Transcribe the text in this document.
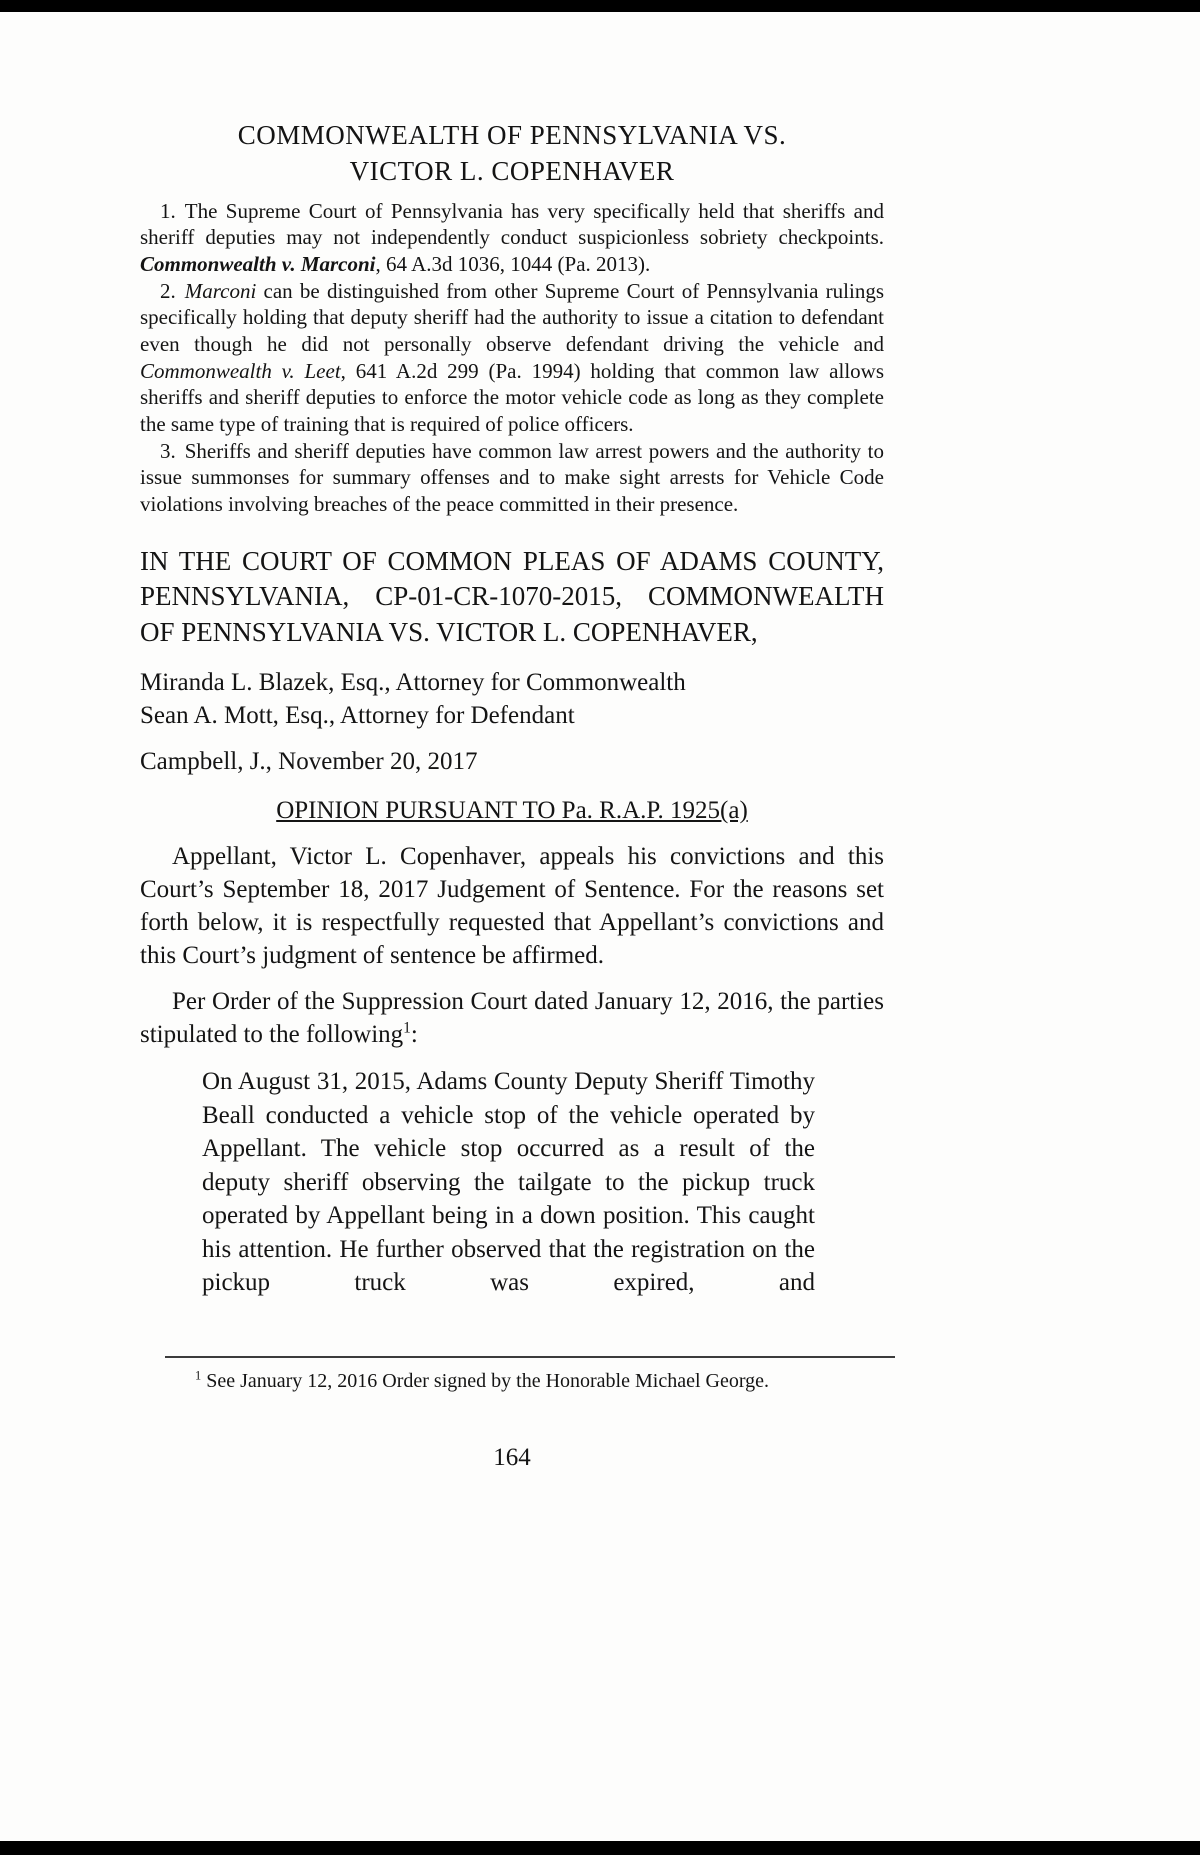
COMMONWEALTH OF PENNSYLVANIA VS.
VICTOR L. COPENHAVER

1. The Supreme Court of Pennsylvania has very specifically held that sheriffs and sheriff deputies may not independently conduct suspicionless sobriety checkpoints. Commonwealth v. Marconi, 64 A.3d 1036, 1044 (Pa. 2013).

2. Marconi can be distinguished from other Supreme Court of Pennsylvania rulings specifically holding that deputy sheriff had the authority to issue a citation to defendant even though he did not personally observe defendant driving the vehicle and Commonwealth v. Leet, 641 A.2d 299 (Pa. 1994) holding that common law allows sheriffs and sheriff deputies to enforce the motor vehicle code as long as they complete the same type of training that is required of police officers.

3. Sheriffs and sheriff deputies have common law arrest powers and the authority to issue summonses for summary offenses and to make sight arrests for Vehicle Code violations involving breaches of the peace committed in their presence.

IN THE COURT OF COMMON PLEAS OF ADAMS COUNTY, PENNSYLVANIA, CP-01-CR-1070-2015, COMMONWEALTH OF PENNSYLVANIA VS. VICTOR L. COPENHAVER,

Miranda L. Blazek, Esq., Attorney for Commonwealth
Sean A. Mott, Esq., Attorney for Defendant

Campbell, J., November 20, 2017

OPINION PURSUANT TO Pa. R.A.P. 1925(a)

Appellant, Victor L. Copenhaver, appeals his convictions and this Court’s September 18, 2017 Judgement of Sentence. For the reasons set forth below, it is respectfully requested that Appellant’s convictions and this Court’s judgment of sentence be affirmed.

Per Order of the Suppression Court dated January 12, 2016, the parties stipulated to the following$^1$:

On August 31, 2015, Adams County Deputy Sheriff Timothy Beall conducted a vehicle stop of the vehicle operated by Appellant. The vehicle stop occurred as a result of the deputy sheriff observing the tailgate to the pickup truck operated by Appellant being in a down position. This caught his attention. He further observed that the registration on the pickup truck was expired, and

$^1$ See January 12, 2016 Order signed by the Honorable Michael George.

164
